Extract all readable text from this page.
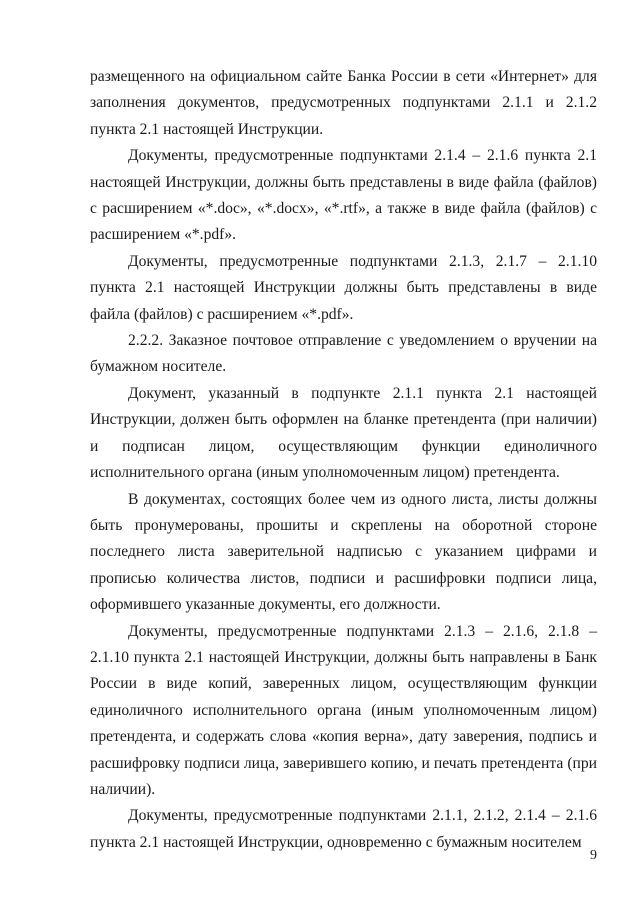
размещенного на официальном сайте Банка России в сети «Интернет» для заполнения документов, предусмотренных подпунктами 2.1.1 и 2.1.2 пункта 2.1 настоящей Инструкции.

Документы, предусмотренные подпунктами 2.1.4 – 2.1.6 пункта 2.1 настоящей Инструкции, должны быть представлены в виде файла (файлов) с расширением «*.doc», «*.docx», «*.rtf», а также в виде файла (файлов) с расширением «*.pdf».

Документы, предусмотренные подпунктами 2.1.3, 2.1.7 – 2.1.10 пункта 2.1 настоящей Инструкции должны быть представлены в виде файла (файлов) с расширением «*.pdf».

2.2.2. Заказное почтовое отправление с уведомлением о вручении на бумажном носителе.

Документ, указанный в подпункте 2.1.1 пункта 2.1 настоящей Инструкции, должен быть оформлен на бланке претендента (при наличии) и подписан лицом, осуществляющим функции единоличного исполнительного органа (иным уполномоченным лицом) претендента.

В документах, состоящих более чем из одного листа, листы должны быть пронумерованы, прошиты и скреплены на оборотной стороне последнего листа заверительной надписью с указанием цифрами и прописью количества листов, подписи и расшифровки подписи лица, оформившего указанные документы, его должности.

Документы, предусмотренные подпунктами 2.1.3 – 2.1.6, 2.1.8 – 2.1.10 пункта 2.1 настоящей Инструкции, должны быть направлены в Банк России в виде копий, заверенных лицом, осуществляющим функции единоличного исполнительного органа (иным уполномоченным лицом) претендента, и содержать слова «копия верна», дату заверения, подпись и расшифровку подписи лица, заверившего копию, и печать претендента (при наличии).

Документы, предусмотренные подпунктами 2.1.1, 2.1.2, 2.1.4 – 2.1.6 пункта 2.1 настоящей Инструкции, одновременно с бумажным носителем

9
